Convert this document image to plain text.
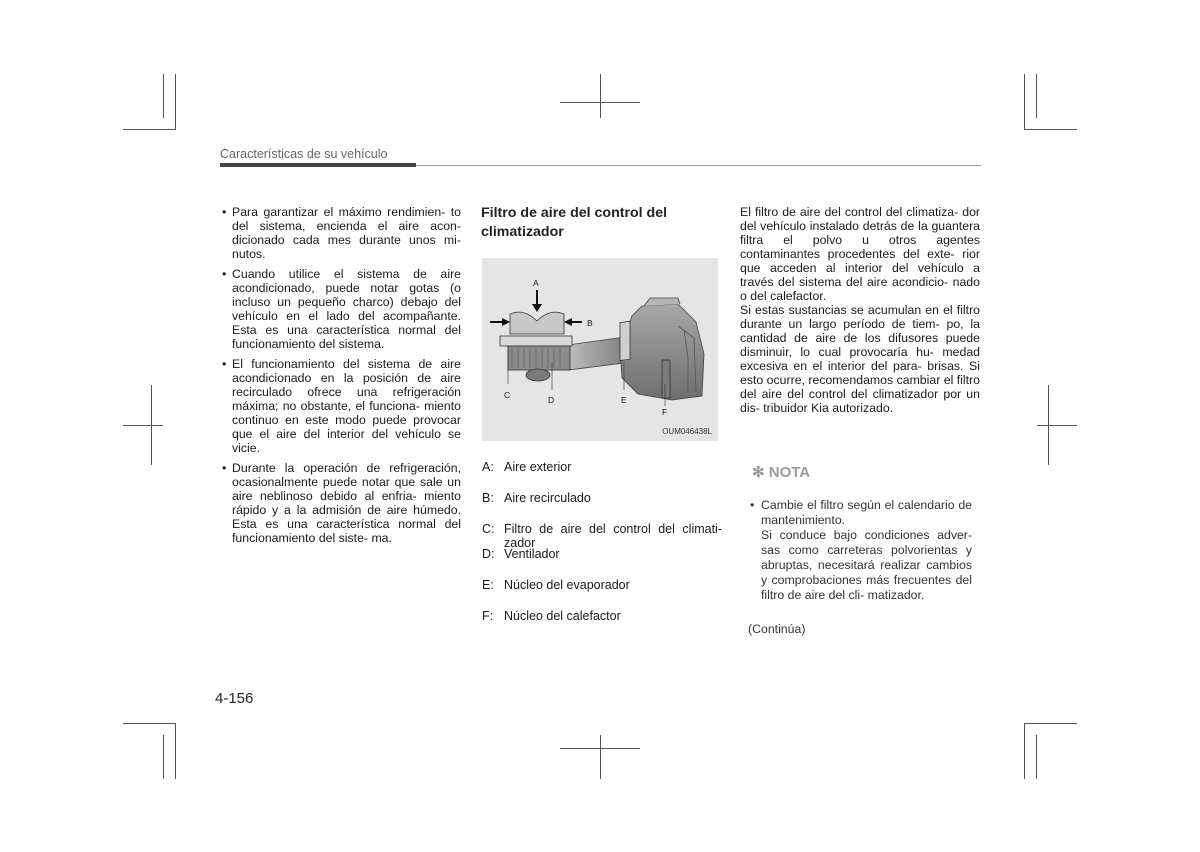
Características de su vehículo
• Para garantizar el máximo rendimien- to del sistema, encienda el aire acon- dicionado cada mes durante unos mi- nutos.
• Cuando utilice el sistema de aire acondicionado, puede notar gotas (o incluso un pequeño charco) debajo del vehículo en el lado del acompañante. Esta es una característica normal del funcionamiento del sistema.
• El funcionamiento del sistema de aire acondicionado en la posición de aire recirculado ofrece una refrigeración máxima; no obstante, el funciona- miento continuo en este modo puede provocar que el aire del interior del vehículo se vicie.
• Durante la operación de refrigeración, ocasionalmente puede notar que sale un aire neblinoso debido al enfria- miento rápido y a la admisión de aire húmedo. Esta es una característica normal del funcionamiento del siste- ma.
Filtro de aire del control del climatizador
A
B
C	D	E
F
OUM046438L
A: Aire exterior
B: Aire recirculado
C: Filtro de aire del control del climati- zador
D: Ventilador
E: Núcleo del evaporador
F: Núcleo del calefactor

El filtro de aire del control del climatiza- dor del vehículo instalado detrás de la guantera filtra el polvo u otros agentes contaminantes procedentes del exte- rior que acceden al interior del vehículo a través del sistema del aire acondicio- nado o del calefactor.

Si estas sustancias se acumulan en el filtro durante un largo período de tiem- po, la cantidad de aire de los difusores puede disminuir, lo cual provocaría hu- medad excesiva en el interior del para- brisas. Si esto ocurre, recomendamos cambiar el filtro del aire del control del climatizador por un dis- tribuidor Kia autorizado.

✻ NOTA

• Cambie el filtro según el calendario de mantenimiento.

Si conduce bajo condiciones adver- sas como carreteras polvorientas y abruptas, necesitará realizar cambios y comprobaciones más frecuentes del filtro de aire del cli- matizador.

(Continúa)
4-156
